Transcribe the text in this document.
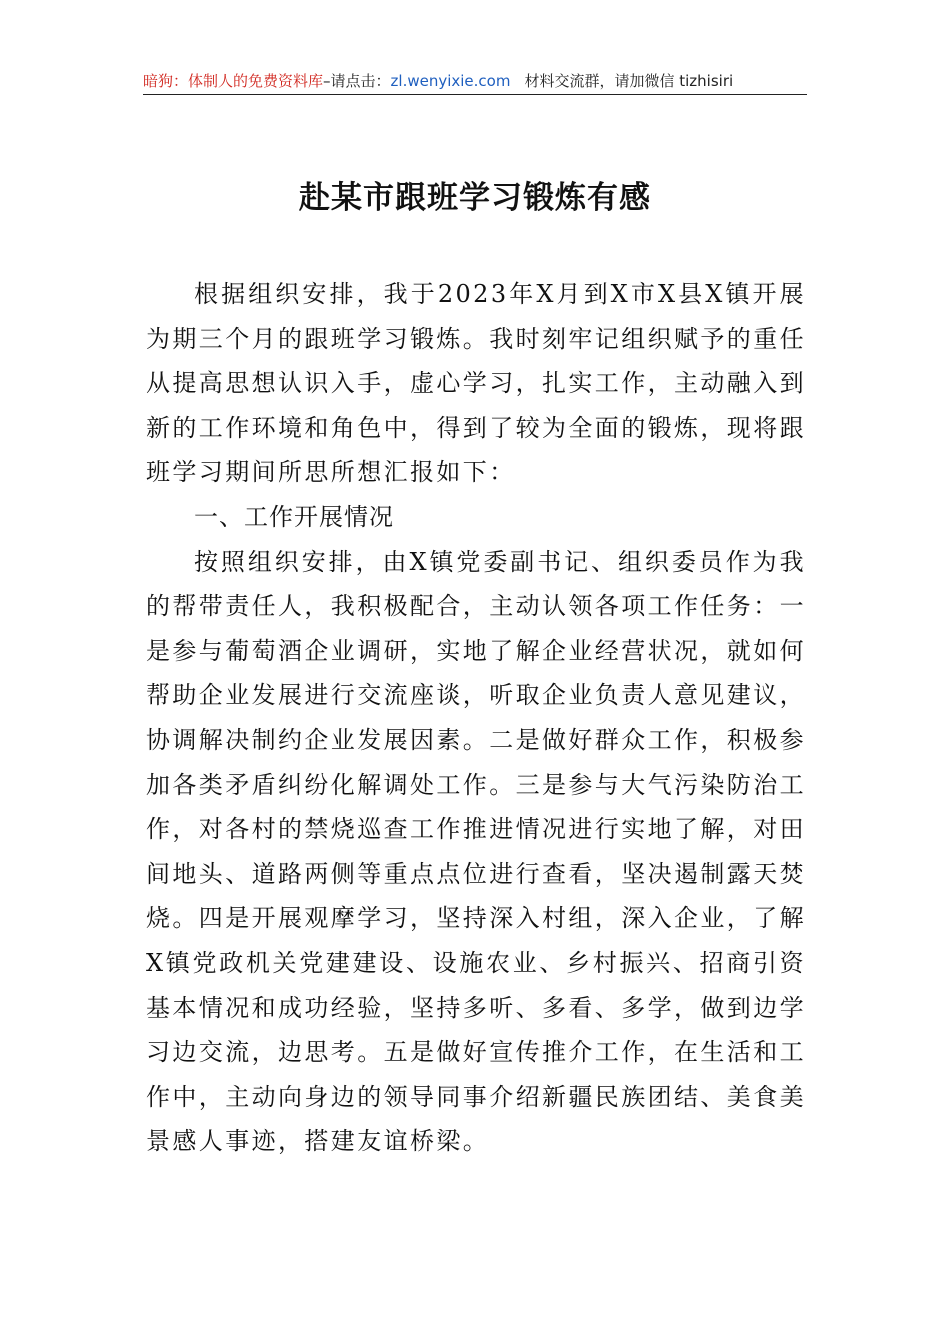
暗狗：体制人的免费资料库–请点击：zl.wenyixie.com 材料交流群，请加微信 tizhisiri
赴某市跟班学习锻炼有感

根据组织安排，我于2023年X月到X市X县X镇开展为期三个月的跟班学习锻炼。我时刻牢记组织赋予的重任从提高思想认识入手，虚心学习，扎实工作，主动融入到新的工作环境和角色中，得到了较为全面的锻炼，现将跟班学习期间所思所想汇报如下：

一、工作开展情况

按照组织安排，由X镇党委副书记、组织委员作为我的帮带责任人，我积极配合，主动认领各项工作任务：一是参与葡萄酒企业调研，实地了解企业经营状况，就如何帮助企业发展进行交流座谈，听取企业负责人意见建议，协调解决制约企业发展因素。二是做好群众工作，积极参加各类矛盾纠纷化解调处工作。三是参与大气污染防治工作，对各村的禁烧巡查工作推进情况进行实地了解，对田间地头、道路两侧等重点点位进行查看，坚决遏制露天焚烧。四是开展观摩学习，坚持深入村组，深入企业，了解X镇党政机关党建建设、设施农业、乡村振兴、招商引资基本情况和成功经验，坚持多听、多看、多学，做到边学习边交流，边思考。五是做好宣传推介工作，在生活和工作中，主动向身边的领导同事介绍新疆民族团结、美食美景感人事迹，搭建友谊桥梁。
